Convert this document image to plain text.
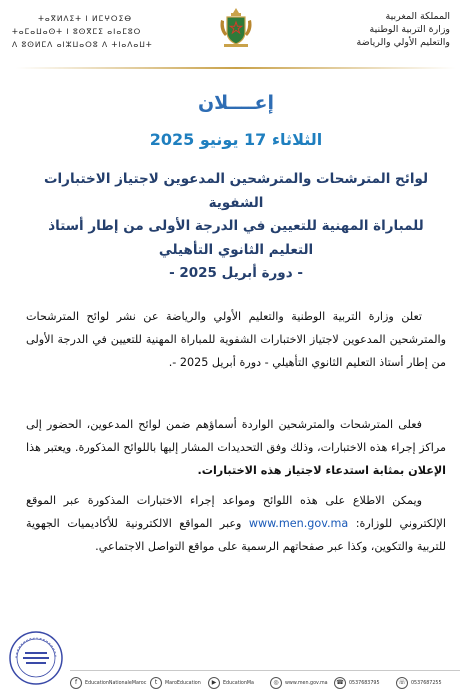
ⵜⴰⴳⵍⴷⵉⵜ ⵏ ⵍⵎⵖⵔⵉⴱ
ⵜⴰⵎⴰⵡⴰⵙⵜ ⵏ ⵓⵙⴳⵎⵉ ⴰⵏⴰⵎⵓⵔ
ⴷ ⵓⵙⵍⵎⴷ ⴰⵏⵣⵡⴰⵔⵓ ⴷ ⵜⵏⴰⴷⴰⵡⵜ
المملكة المغربية
وزارة التربية الوطنية
والتعليم الأولي والرياضة
إعــــلان
الثلاثاء 17 يونيو 2025
لوائح المترشحات والمترشحين المدعوين لاجتياز الاختبارات الشفوية
للمباراة المهنية للتعيين في الدرجة الأولى من إطار أستاذ
التعليم الثانوي التأهيلي
- دورة أبريل 2025 -
تعلن وزارة التربية الوطنية والتعليم الأولي والرياضة عن نشر لوائح المترشحات والمترشحين المدعوين لاجتياز الاختبارات الشفوية للمباراة المهنية للتعيين في الدرجة الأولى من إطار أستاذ التعليم الثانوي التأهيلي - دورة أبريل 2025 -.
فعلى المترشحات والمترشحين الواردة أسماؤهم ضمن لوائح المدعوين، الحضور إلى مراكز إجراء هذه الاختبارات، وذلك وفق التحديدات المشار إليها باللوائح المذكورة. ويعتبر هذا الإعلان بمثابة استدعاء لاجتياز هذه الاختبارات.
ويمكن الاطلاع على هذه اللوائح ومواعد إجراء الاختبارات المذكورة عبر الموقع الإلكتروني للوزارة: www.men.gov.ma وعبر المواقع الالكترونية للأكاديميات الجهوية للتربية والتكوين، وكذا عبر صفحاتهم الرسمية على مواقع التواصل الاجتماعي.
f	EducationNationaleMaroc	t	MaroEducation	▶	EducationMa	◎	www.men.gov.ma	☎	0537683795	☏	0537687255
